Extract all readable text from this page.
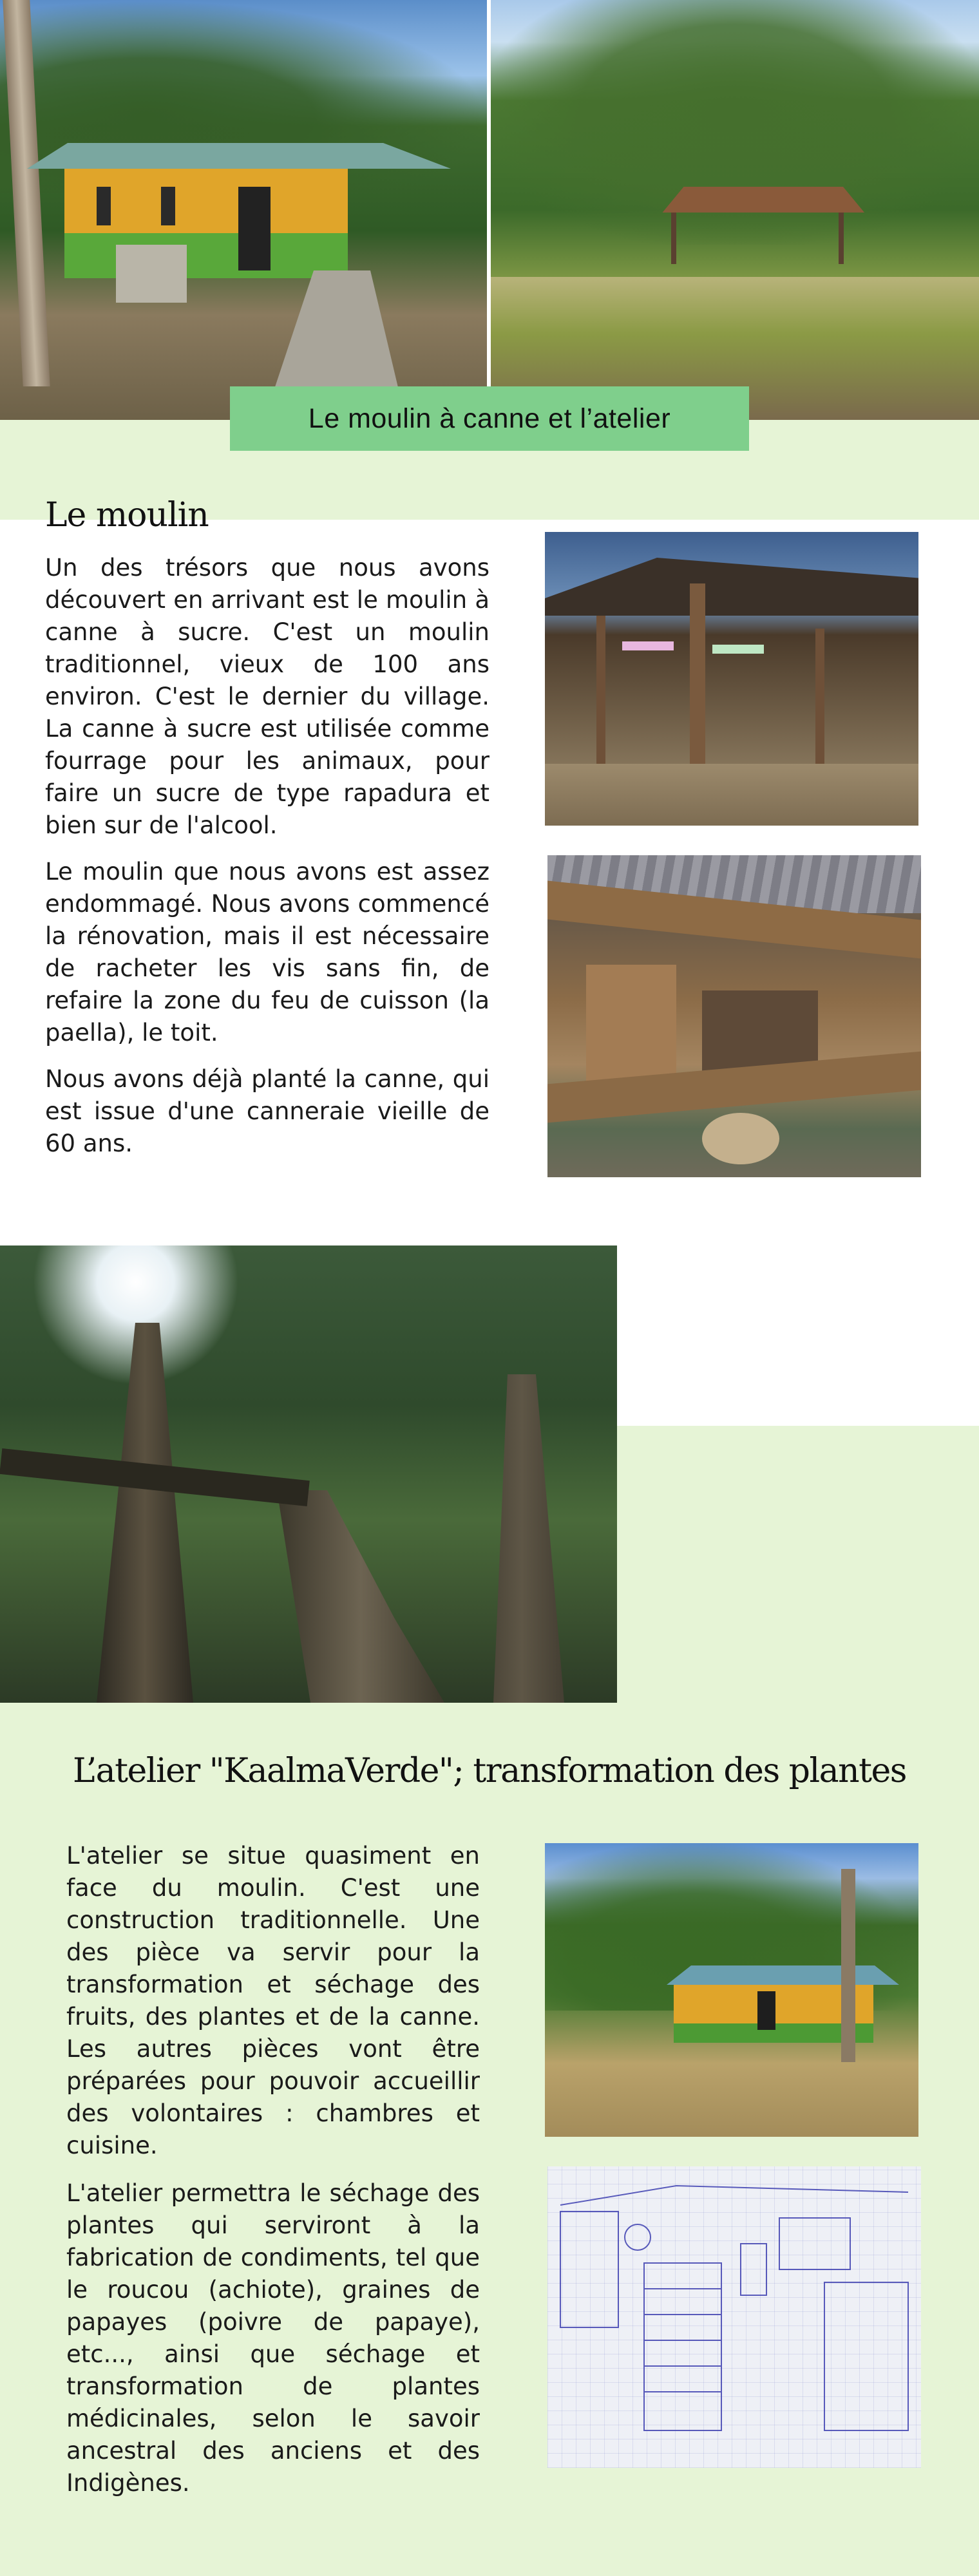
Le moulin à canne et l’atelier
Le moulin

Un des trésors que nous avons découvert en arrivant est le moulin à canne à sucre. C'est un moulin traditionnel, vieux de 100 ans environ. C'est le dernier du village. La canne à sucre est utilisée comme fourrage pour les animaux, pour faire un sucre de type rapadura et bien sur de l'alcool.

Le moulin que nous avons est assez endommagé. Nous avons commencé la rénovation, mais il est nécessaire de racheter les vis sans fin, de refaire la zone du feu de cuisson (la paella), le toit.

Nous avons déjà planté la canne, qui est issue d'une canneraie vieille de 60 ans.

L’atelier "KaalmaVerde"; transformation des plantes

L'atelier se situe quasiment en face du moulin. C'est une construction traditionnelle. Une des pièce va servir pour la transformation et séchage des fruits, des plantes et de la canne. Les autres pièces vont être préparées pour pouvoir accueillir des volontaires : chambres et cuisine.

L'atelier permettra le séchage des plantes qui serviront à la fabrication de condiments, tel que le roucou (achiote), graines de papayes (poivre de papaye), etc..., ainsi que séchage et transformation de plantes médicinales, selon le savoir ancestral des anciens et des Indigènes.
